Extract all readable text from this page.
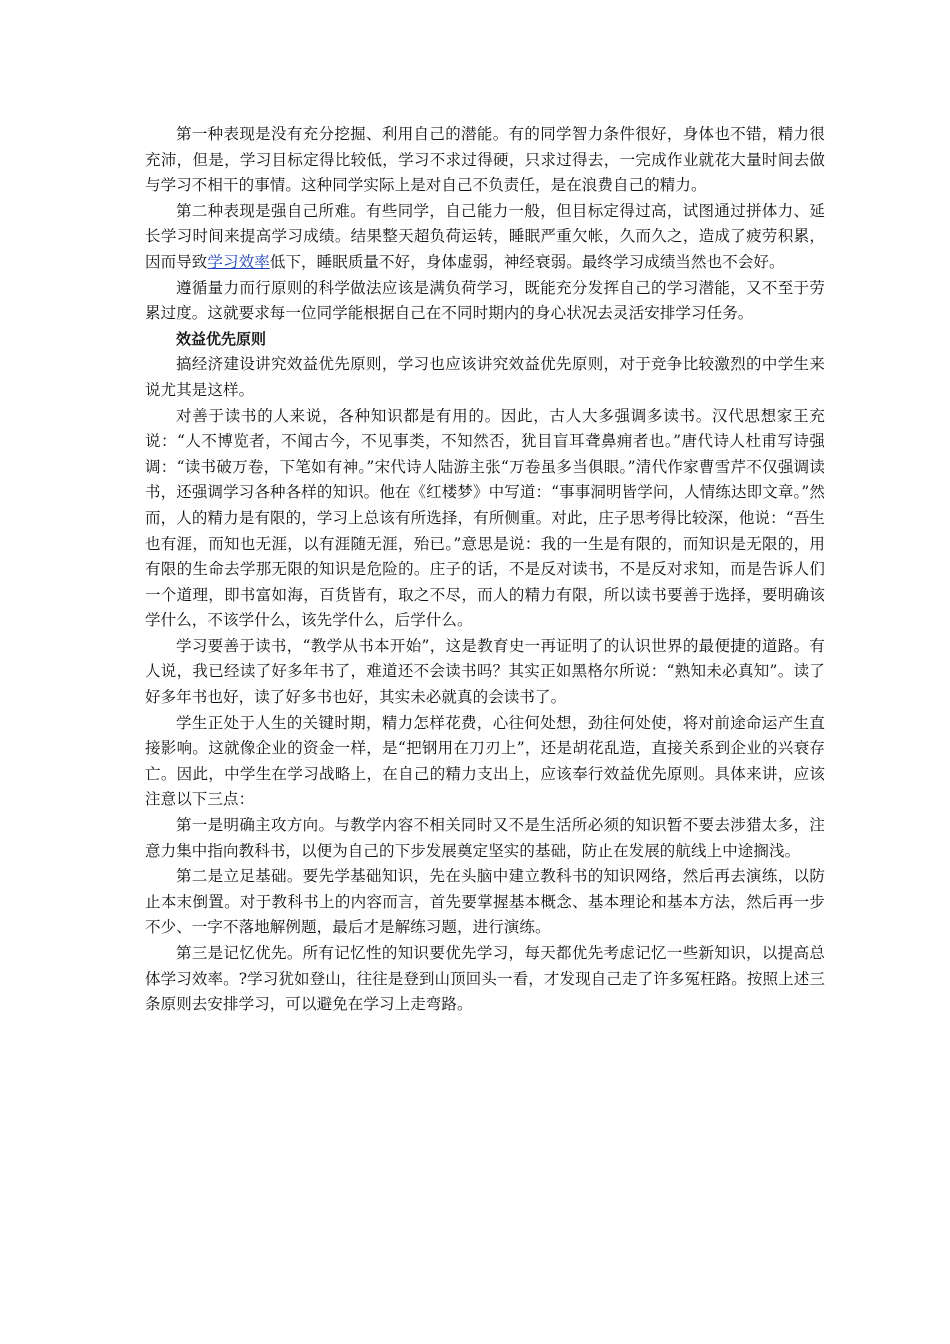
第一种表现是没有充分挖掘、利用自己的潜能。有的同学智力条件很好，身体也不错，精力很充沛，但是，学习目标定得比较低，学习不求过得硬，只求过得去，一完成作业就花大量时间去做与学习不相干的事情。这种同学实际上是对自己不负责任，是在浪费自己的精力。

第二种表现是强自己所难。有些同学，自己能力一般，但目标定得过高，试图通过拼体力、延长学习时间来提高学习成绩。结果整天超负荷运转，睡眠严重欠帐，久而久之，造成了疲劳积累，因而导致学习效率低下，睡眠质量不好，身体虚弱，神经衰弱。最终学习成绩当然也不会好。

遵循量力而行原则的科学做法应该是满负荷学习，既能充分发挥自己的学习潜能，又不至于劳累过度。这就要求每一位同学能根据自己在不同时期内的身心状况去灵活安排学习任务。

效益优先原则

搞经济建设讲究效益优先原则，学习也应该讲究效益优先原则，对于竞争比较激烈的中学生来说尤其是这样。

对善于读书的人来说，各种知识都是有用的。因此，古人大多强调多读书。汉代思想家王充说：“人不博览者，不闻古今，不见事类，不知然否，犹目盲耳聋鼻痈者也。”唐代诗人杜甫写诗强调：“读书破万卷，下笔如有神。”宋代诗人陆游主张“万卷虽多当俱眼。”清代作家曹雪芹不仅强调读书，还强调学习各种各样的知识。他在《红楼梦》中写道：“事事洞明皆学问，人情练达即文章。”然而，人的精力是有限的，学习上总该有所选择，有所侧重。对此，庄子思考得比较深，他说：“吾生也有涯，而知也无涯，以有涯随无涯，殆已。”意思是说：我的一生是有限的，而知识是无限的，用有限的生命去学那无限的知识是危险的。庄子的话，不是反对读书，不是反对求知，而是告诉人们一个道理，即书富如海，百货皆有，取之不尽，而人的精力有限，所以读书要善于选择，要明确该学什么，不该学什么，该先学什么，后学什么。

学习要善于读书，“教学从书本开始”，这是教育史一再证明了的认识世界的最便捷的道路。有人说，我已经读了好多年书了，难道还不会读书吗？其实正如黑格尔所说：“熟知未必真知”。读了好多年书也好，读了好多书也好，其实未必就真的会读书了。

学生正处于人生的关键时期，精力怎样花费，心往何处想，劲往何处使，将对前途命运产生直接影响。这就像企业的资金一样，是“把钢用在刀刃上”，还是胡花乱造，直接关系到企业的兴衰存亡。因此，中学生在学习战略上，在自己的精力支出上，应该奉行效益优先原则。具体来讲，应该注意以下三点：

第一是明确主攻方向。与教学内容不相关同时又不是生活所必须的知识暂不要去涉猎太多，注意力集中指向教科书，以便为自己的下步发展奠定坚实的基础，防止在发展的航线上中途搁浅。

第二是立足基础。要先学基础知识，先在头脑中建立教科书的知识网络，然后再去演练，以防止本末倒置。对于教科书上的内容而言，首先要掌握基本概念、基本理论和基本方法，然后再一步不少、一字不落地解例题，最后才是解练习题，进行演练。

第三是记忆优先。所有记忆性的知识要优先学习，每天都优先考虑记忆一些新知识，以提高总体学习效率。?学习犹如登山，往往是登到山顶回头一看，才发现自己走了许多冤枉路。按照上述三条原则去安排学习，可以避免在学习上走弯路。
